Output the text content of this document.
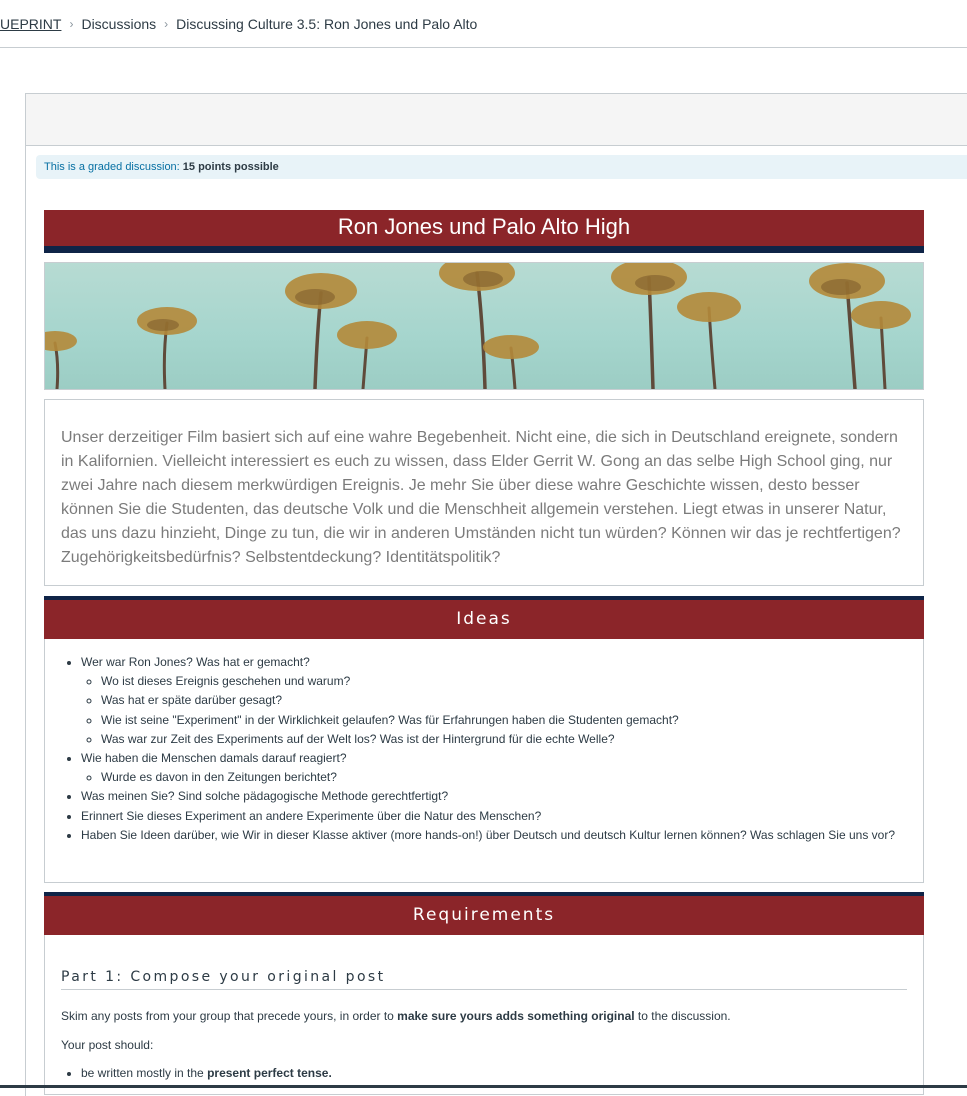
UEPRINT › Discussions › Discussing Culture 3.5: Ron Jones und Palo Alto
This is a graded discussion: 15 points possible
Ron Jones und Palo Alto High
Unser derzeitiger Film basiert sich auf eine wahre Begebenheit. Nicht eine, die sich in Deutschland ereignete, sondern in Kalifornien. Vielleicht interessiert es euch zu wissen, dass Elder Gerrit W. Gong an das selbe High School ging, nur zwei Jahre nach diesem merkwürdigen Ereignis. Je mehr Sie über diese wahre Geschichte wissen, desto besser können Sie die Studenten, das deutsche Volk und die Menschheit allgemein verstehen. Liegt etwas in unserer Natur, das uns dazu hinzieht, Dinge zu tun, die wir in anderen Umständen nicht tun würden? Können wir das je rechtfertigen? Zugehörigkeitsbedürfnis? Selbstentdeckung? Identitätspolitik?
Ideas
• Wer war Ron Jones? Was hat er gemacht?
◦ Wo ist dieses Ereignis geschehen und warum?
◦ Was hat er späte darüber gesagt?
◦ Wie ist seine "Experiment" in der Wirklichkeit gelaufen? Was für Erfahrungen haben die Studenten gemacht?
◦ Was war zur Zeit des Experiments auf der Welt los? Was ist der Hintergrund für die echte Welle?
• Wie haben die Menschen damals darauf reagiert?
◦ Wurde es davon in den Zeitungen berichtet?
• Was meinen Sie? Sind solche pädagogische Methode gerechtfertigt?
• Erinnert Sie dieses Experiment an andere Experimente über die Natur des Menschen?
• Haben Sie Ideen darüber, wie Wir in dieser Klasse aktiver (more hands-on!) über Deutsch und deutsch Kultur lernen können? Was schlagen Sie uns vor?
Requirements
Part 1: Compose your original post

Skim any posts from your group that precede yours, in order to make sure yours adds something original to the discussion.

Your post should:

• be written mostly in the present perfect tense.
